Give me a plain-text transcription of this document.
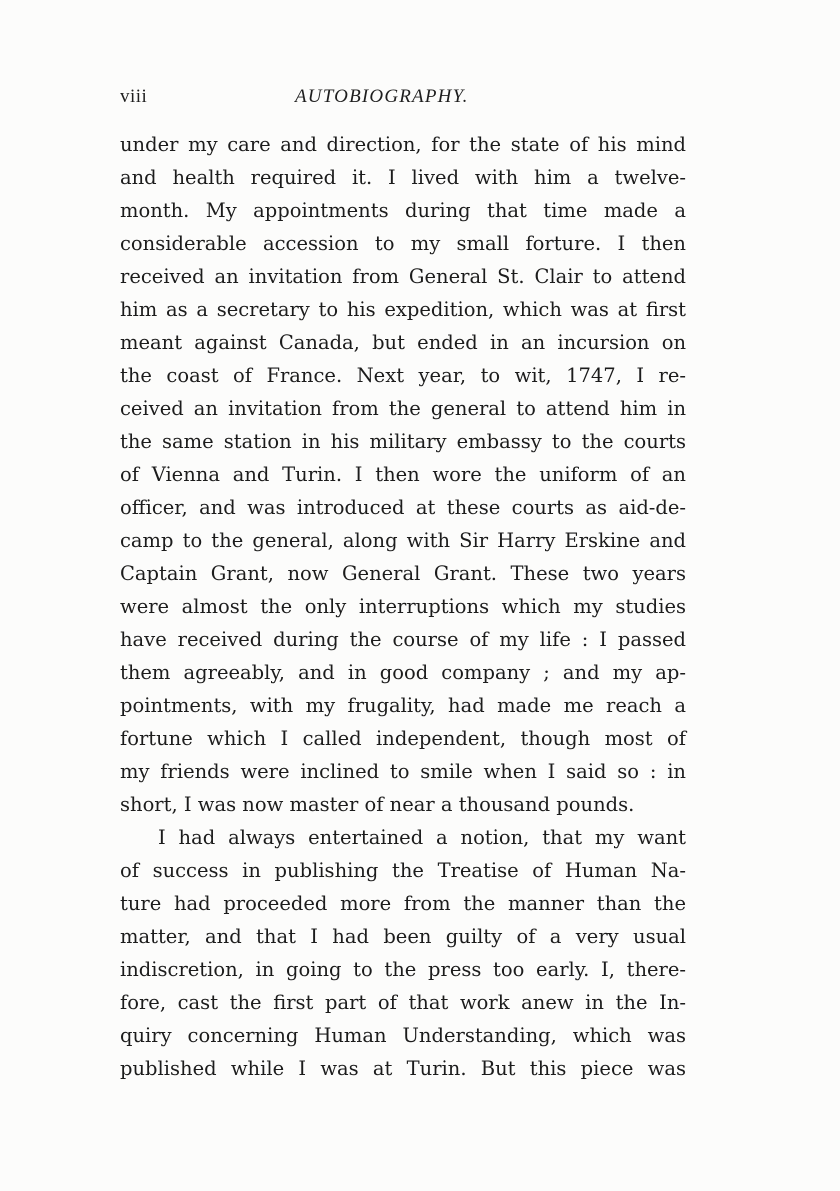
viii	AUTOBIOGRAPHY.
under my care and direction, for the state of his mind
and health required it. I lived with him a twelve-
month. My appointments during that time made a
considerable accession to my small forture. I then
received an invitation from General St. Clair to attend
him as a secretary to his expedition, which was at first
meant against Canada, but ended in an incursion on
the coast of France. Next year, to wit, 1747, I re-
ceived an invitation from the general to attend him in
the same station in his military embassy to the courts
of Vienna and Turin. I then wore the uniform of an
officer, and was introduced at these courts as aid-de-
camp to the general, along with Sir Harry Erskine and
Captain Grant, now General Grant. These two years
were almost the only interruptions which my studies
have received during the course of my life : I passed
them agreeably, and in good company ; and my ap-
pointments, with my frugality, had made me reach a
fortune which I called independent, though most of
my friends were inclined to smile when I said so : in
short, I was now master of near a thousand pounds.
I had always entertained a notion, that my want
of success in publishing the Treatise of Human Na-
ture had proceeded more from the manner than the
matter, and that I had been guilty of a very usual
indiscretion, in going to the press too early. I, there-
fore, cast the first part of that work anew in the In-
quiry concerning Human Understanding, which was
published while I was at Turin. But this piece was
